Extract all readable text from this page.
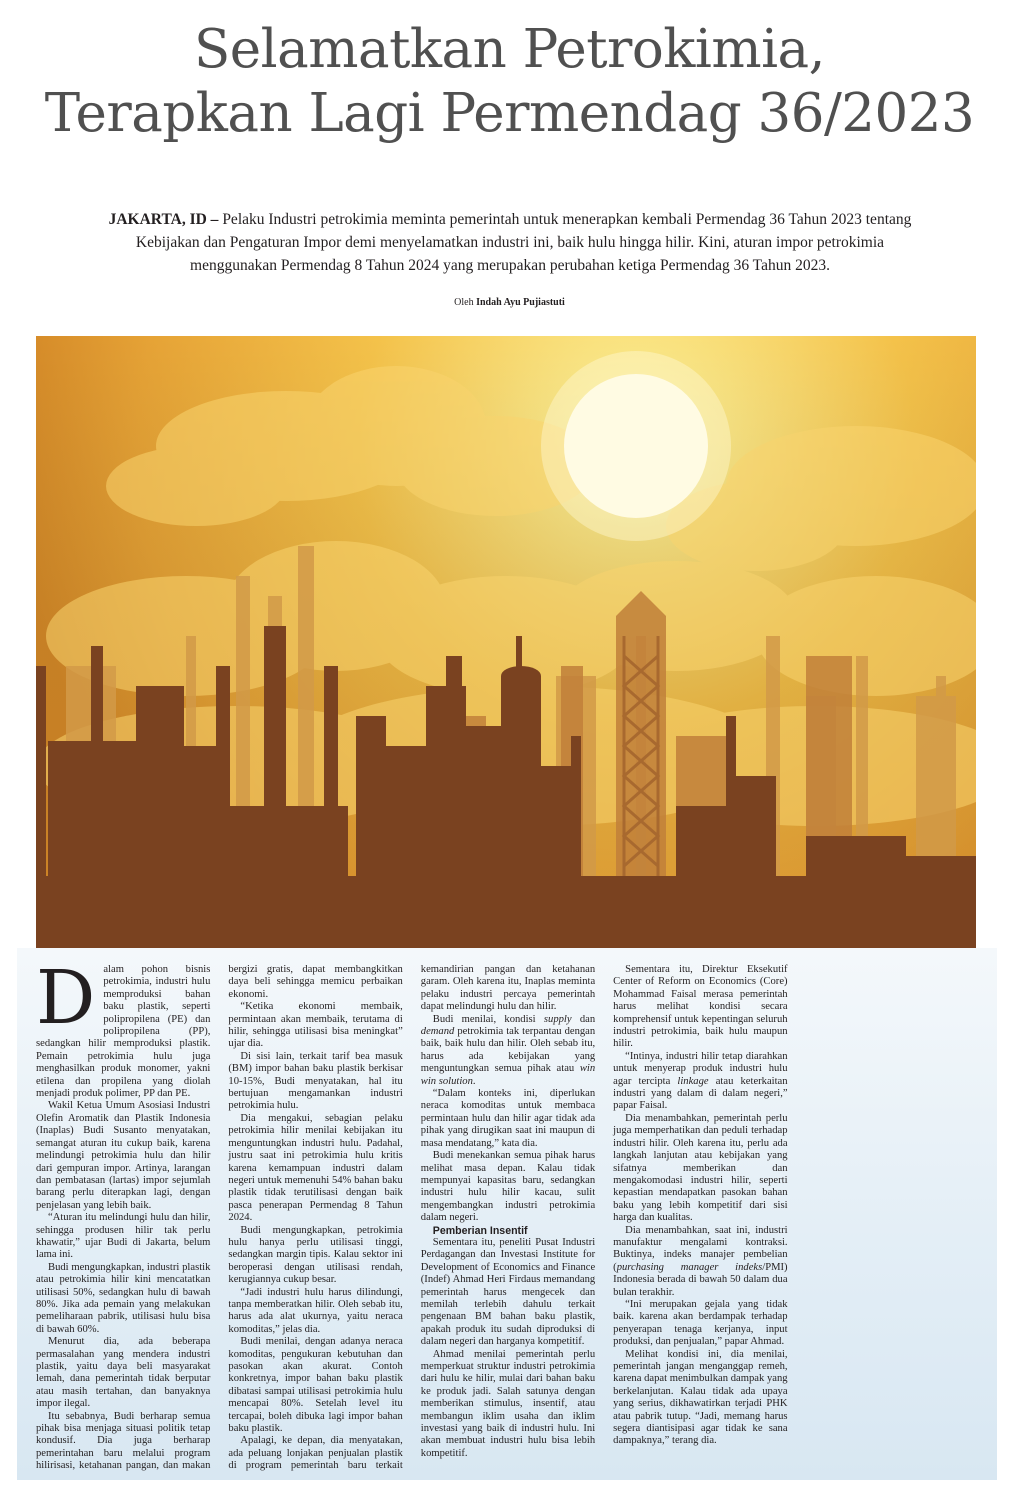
Selamatkan Petrokimia,
Terapkan Lagi Permendag 36/2023
JAKARTA, ID – Pelaku Industri petrokimia meminta pemerintah untuk menerapkan kembali Permendag 36 Tahun 2023 tentang Kebijakan dan Pengaturan Impor demi menyelamatkan industri ini, baik hulu hingga hilir. Kini, aturan impor petrokimia menggunakan Permendag 8 Tahun 2024 yang merupakan perubahan ketiga Permendag 36 Tahun 2023.
Oleh Indah Ayu Pujiastuti

Dalam pohon bisnis petrokimia, industri hulu memproduksi bahan baku plastik, seperti polipropilena (PE) dan polipropilena (PP), sedangkan hilir memproduksi plastik. Pemain petrokimia hulu juga menghasilkan produk monomer, yakni etilena dan propilena yang diolah menjadi produk polimer, PP dan PE.

Wakil Ketua Umum Asosiasi Industri Olefin Aromatik dan Plastik Indonesia (Inaplas) Budi Susanto menyatakan, semangat aturan itu cukup baik, karena melindungi petrokimia hulu dan hilir dari gempuran impor. Artinya, larangan dan pembatasan (lartas) impor sejumlah barang perlu diterapkan lagi, dengan penjelasan yang lebih baik.

“Aturan itu melindungi hulu dan hilir, sehingga produsen hilir tak perlu khawatir,” ujar Budi di Jakarta, belum lama ini.

Budi mengungkapkan, industri plastik atau petrokimia hilir kini mencatatkan utilisasi 50%, sedangkan hulu di bawah 80%. Jika ada pemain yang melakukan pemeliharaan pabrik, utilisasi hulu bisa di bawah 60%.

Menurut dia, ada beberapa permasalahan yang mendera industri plastik, yaitu daya beli masyarakat lemah, dana pemerintah tidak berputar atau masih tertahan, dan banyaknya impor ilegal.

Itu sebabnya, Budi berharap semua pihak bisa menjaga situasi politik tetap kondusif. Dia juga berharap pemerintahan baru melalui program hilirisasi, ketahanan pangan, dan makan bergizi gratis, dapat membangkitkan daya beli sehingga memicu perbaikan ekonomi.

“Ketika ekonomi membaik, permintaan akan membaik, terutama di hilir, sehingga utilisasi bisa meningkat” ujar dia.

Di sisi lain, terkait tarif bea masuk (BM) impor bahan baku plastik berkisar 10-15%, Budi menyatakan, hal itu bertujuan mengamankan industri petrokimia hulu.

Dia mengakui, sebagian pelaku petrokimia hilir menilai kebijakan itu menguntungkan industri hulu. Padahal, justru saat ini petrokimia hulu kritis karena kemampuan industri dalam negeri untuk memenuhi 54% bahan baku plastik tidak terutilisasi dengan baik pasca penerapan Permendag 8 Tahun 2024.

Budi mengungkapkan, petrokimia hulu hanya perlu utilisasi tinggi, sedangkan margin tipis. Kalau sektor ini beroperasi dengan utilisasi rendah, kerugiannya cukup besar.

“Jadi industri hulu harus dilindungi, tanpa memberatkan hilir. Oleh sebab itu, harus ada alat ukurnya, yaitu neraca komoditas,” jelas dia.

Budi menilai, dengan adanya neraca komoditas, pengukuran kebutuhan dan pasokan akan akurat. Contoh konkretnya, impor bahan baku plastik dibatasi sampai utilisasi petrokimia hulu mencapai 80%. Setelah level itu tercapai, boleh dibuka lagi impor bahan baku plastik.

Apalagi, ke depan, dia menyatakan, ada peluang lonjakan penjualan plastik di program pemerintah baru terkait kemandirian pangan dan ketahanan garam. Oleh karena itu, Inaplas meminta pelaku industri percaya pemerintah dapat melindungi hulu dan hilir.

Budi menilai, kondisi supply dan demand petrokimia tak terpantau dengan baik, baik hulu dan hilir. Oleh sebab itu, harus ada kebijakan yang menguntungkan semua pihak atau win win solution.

“Dalam konteks ini, diperlukan neraca komoditas untuk membaca permintaan hulu dan hilir agar tidak ada pihak yang dirugikan saat ini maupun di masa mendatang,” kata dia.

Budi menekankan semua pihak harus melihat masa depan. Kalau tidak mempunyai kapasitas baru, sedangkan industri hulu hilir kacau, sulit mengembangkan industri petrokimia dalam negeri.

Pemberian Insentif

Sementara itu, peneliti Pusat Industri Perdagangan dan Investasi Institute for Development of Economics and Finance (Indef) Ahmad Heri Firdaus memandang pemerintah harus mengecek dan memilah terlebih dahulu terkait pengenaan BM bahan baku plastik, apakah produk itu sudah diproduksi di dalam negeri dan harganya kompetitif.

Ahmad menilai pemerintah perlu memperkuat struktur industri petrokimia dari hulu ke hilir, mulai dari bahan baku ke produk jadi. Salah satunya dengan memberikan stimulus, insentif, atau membangun iklim usaha dan iklim investasi yang baik di industri hulu. Ini akan membuat industri hulu bisa lebih kompetitif.

Sementara itu, Direktur Eksekutif Center of Reform on Economics (Core) Mohammad Faisal merasa pemerintah harus melihat kondisi secara komprehensif untuk kepentingan seluruh industri petrokimia, baik hulu maupun hilir.

“Intinya, industri hilir tetap diarahkan untuk menyerap produk industri hulu agar tercipta linkage atau keterkaitan industri yang dalam di dalam negeri,” papar Faisal.

Dia menambahkan, pemerintah perlu juga memperhatikan dan peduli terhadap industri hilir. Oleh karena itu, perlu ada langkah lanjutan atau kebijakan yang sifatnya memberikan dan mengakomodasi industri hilir, seperti kepastian mendapatkan pasokan bahan baku yang lebih kompetitif dari sisi harga dan kualitas.

Dia menambahkan, saat ini, industri manufaktur mengalami kontraksi. Buktinya, indeks manajer pembelian (purchasing manager indeks/PMI) Indonesia berada di bawah 50 dalam dua bulan terakhir.

“Ini merupakan gejala yang tidak baik. karena akan berdampak terhadap penyerapan tenaga kerjanya, input produksi, dan penjualan,” papar Ahmad.

Melihat kondisi ini, dia menilai, pemerintah jangan menganggap remeh, karena dapat menimbulkan dampak yang berkelanjutan. Kalau tidak ada upaya yang serius, dikhawatirkan terjadi PHK atau pabrik tutup. “Jadi, memang harus segera diantisipasi agar tidak ke sana dampaknya,” terang dia.
